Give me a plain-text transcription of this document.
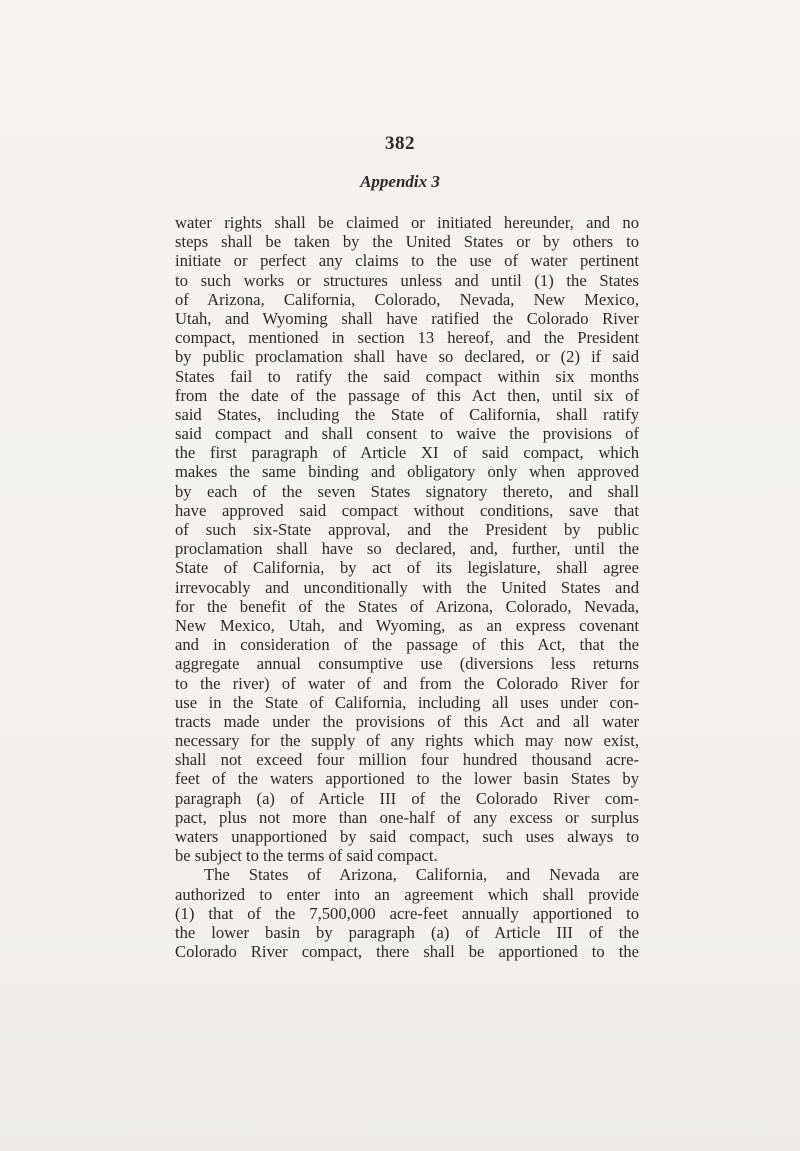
382
Appendix 3
water rights shall be claimed or initiated hereunder, and no
steps shall be taken by the United States or by others to
initiate or perfect any claims to the use of water pertinent
to such works or structures unless and until (1) the States
of Arizona, California, Colorado, Nevada, New Mexico,
Utah, and Wyoming shall have ratified the Colorado River
compact, mentioned in section 13 hereof, and the President
by public proclamation shall have so declared, or (2) if said
States fail to ratify the said compact within six months
from the date of the passage of this Act then, until six of
said States, including the State of California, shall ratify
said compact and shall consent to waive the provisions of
the first paragraph of Article XI of said compact, which
makes the same binding and obligatory only when approved
by each of the seven States signatory thereto, and shall
have approved said compact without conditions, save that
of such six-State approval, and the President by public
proclamation shall have so declared, and, further, until the
State of California, by act of its legislature, shall agree
irrevocably and unconditionally with the United States and
for the benefit of the States of Arizona, Colorado, Nevada,
New Mexico, Utah, and Wyoming, as an express covenant
and in consideration of the passage of this Act, that the
aggregate annual consumptive use (diversions less returns
to the river) of water of and from the Colorado River for
use in the State of California, including all uses under con-
tracts made under the provisions of this Act and all water
necessary for the supply of any rights which may now exist,
shall not exceed four million four hundred thousand acre-
feet of the waters apportioned to the lower basin States by
paragraph (a) of Article III of the Colorado River com-
pact, plus not more than one-half of any excess or surplus
waters unapportioned by said compact, such uses always to
be subject to the terms of said compact.
The States of Arizona, California, and Nevada are
authorized to enter into an agreement which shall provide
(1) that of the 7,500,000 acre-feet annually apportioned to
the lower basin by paragraph (a) of Article III of the
Colorado River compact, there shall be apportioned to the
